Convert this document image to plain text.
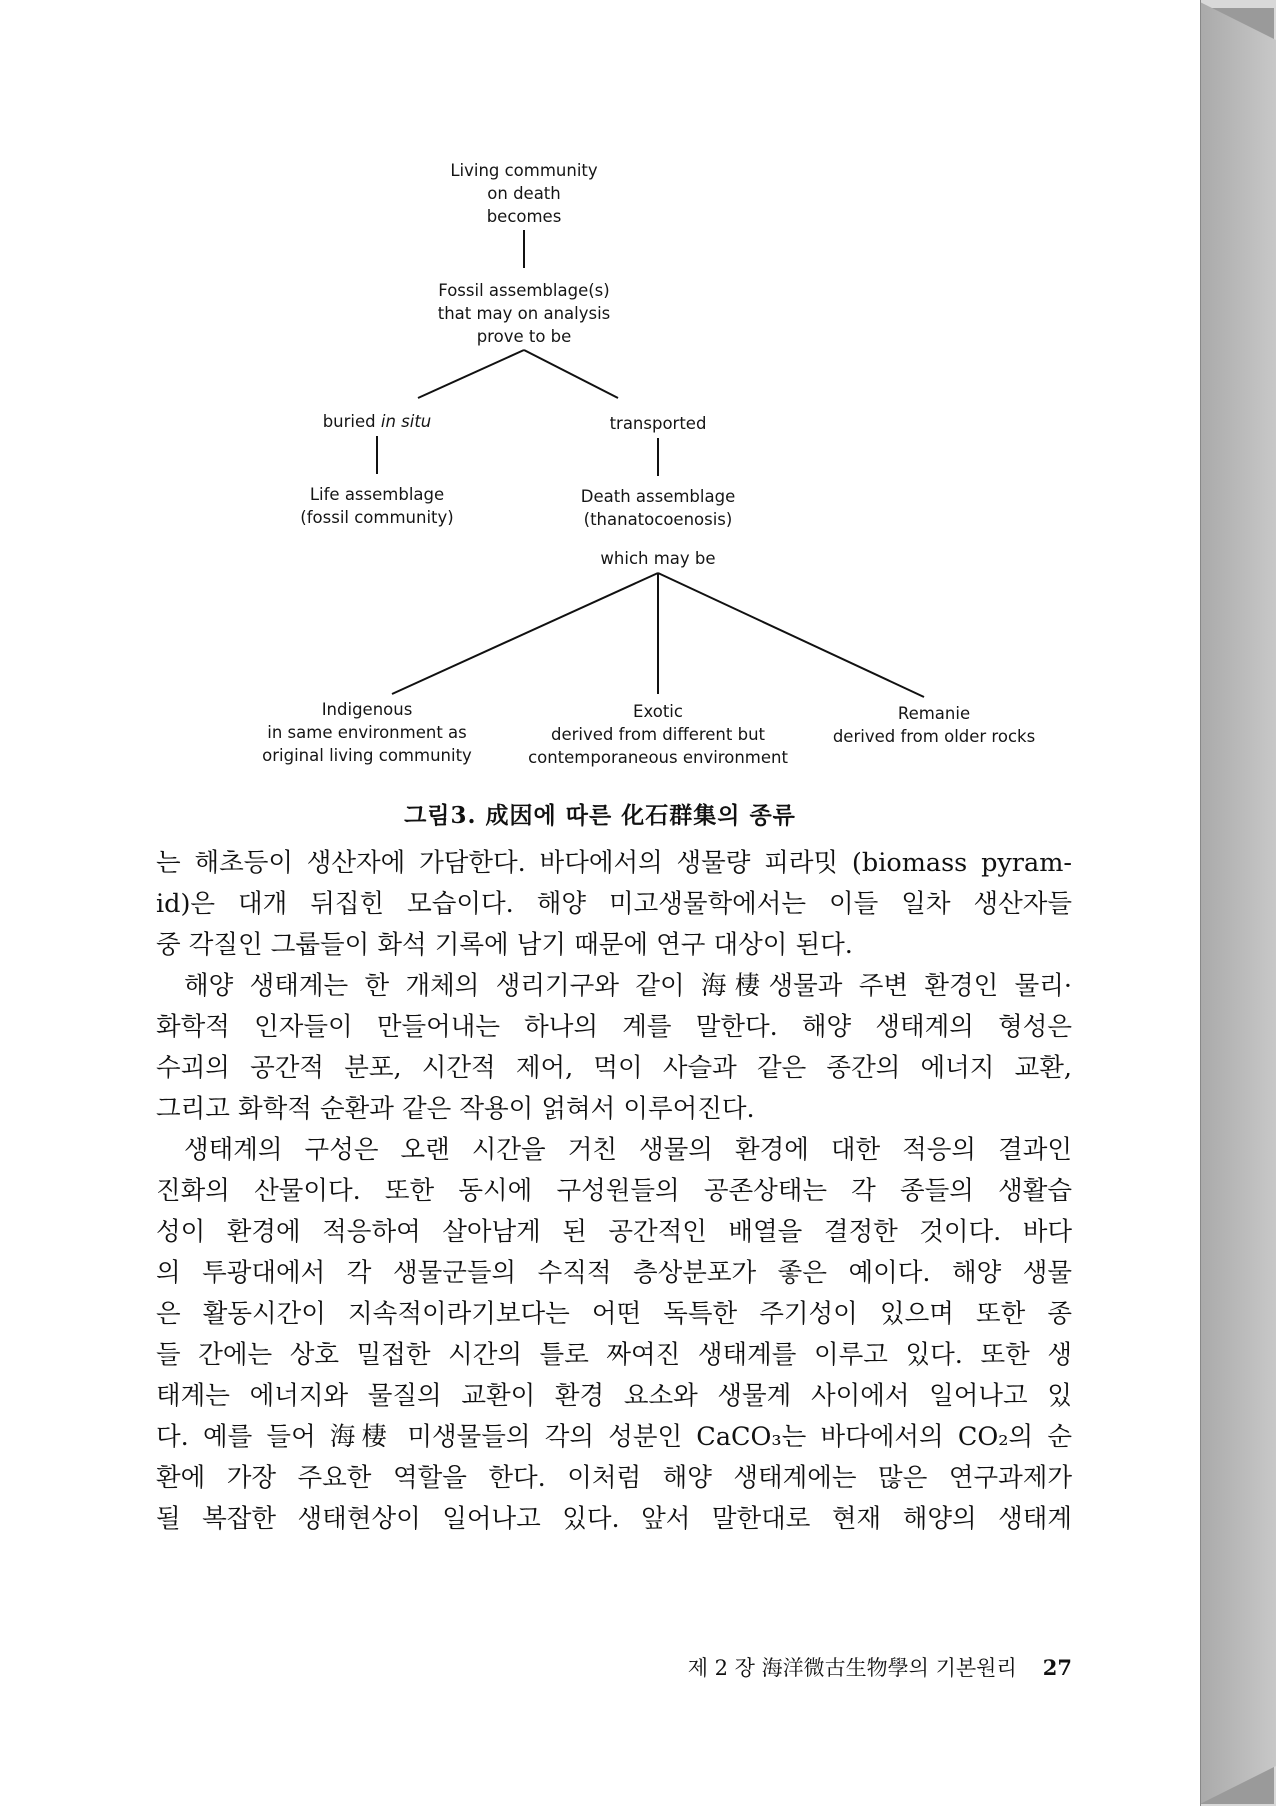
Living community
on death
becomes
Fossil assemblage(s)
that may on analysis
prove to be
buried in situ	transported
Life assemblage
(fossil community)
Death assemblage
(thanatocoenosis)
which may be
Indigenous
in same environment as
original living community
Exotic
derived from different but
contemporaneous environment
Remanie
derived from older rocks
그림3. 成因에 따른 化石群集의 종류
는 해초등이 생산자에 가담한다. 바다에서의 생물량 피라밋 (biomass pyram-
id)은 대개 뒤집힌 모습이다. 해양 미고생물학에서는 이들 일차 생산자들
중 각질인 그룹들이 화석 기록에 남기 때문에 연구 대상이 된다.
해양 생태계는 한 개체의 생리기구와 같이 海棲생물과 주변 환경인 물리·
화학적 인자들이 만들어내는 하나의 계를 말한다. 해양 생태계의 형성은
수괴의 공간적 분포, 시간적 제어, 먹이 사슬과 같은 종간의 에너지 교환,
그리고 화학적 순환과 같은 작용이 얽혀서 이루어진다.
생태계의 구성은 오랜 시간을 거친 생물의 환경에 대한 적응의 결과인
진화의 산물이다. 또한 동시에 구성원들의 공존상태는 각 종들의 생활습
성이 환경에 적응하여 살아남게 된 공간적인 배열을 결정한 것이다. 바다
의 투광대에서 각 생물군들의 수직적 층상분포가 좋은 예이다. 해양 생물
은 활동시간이 지속적이라기보다는 어떤 독특한 주기성이 있으며 또한 종
들 간에는 상호 밀접한 시간의 틀로 짜여진 생태계를 이루고 있다. 또한 생
태계는 에너지와 물질의 교환이 환경 요소와 생물계 사이에서 일어나고 있
다. 예를 들어 海棲 미생물들의 각의 성분인 CaCO₃는 바다에서의 CO₂의 순
환에 가장 주요한 역할을 한다. 이처럼 해양 생태계에는 많은 연구과제가
될 복잡한 생태현상이 일어나고 있다. 앞서 말한대로 현재 해양의 생태계
제 2 장 海洋微古生物學의 기본원리 27
